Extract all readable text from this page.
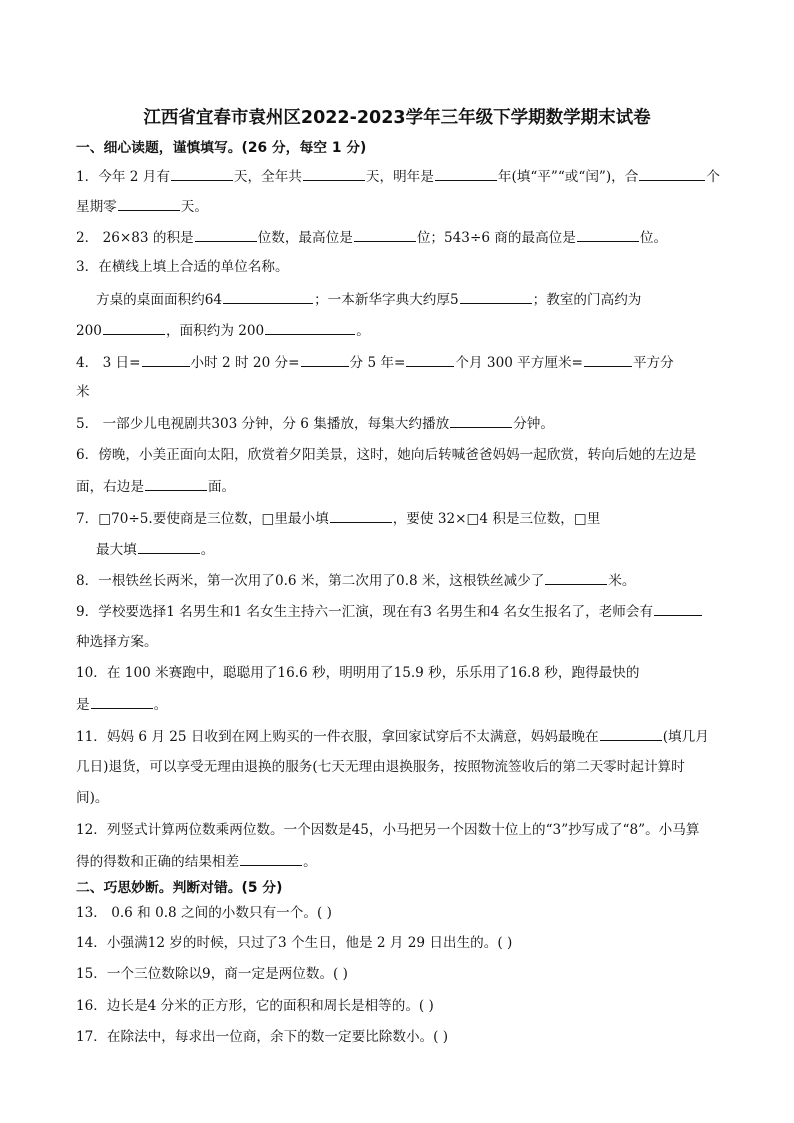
江西省宜春市袁州区2022-2023学年三年级下学期数学期末试卷
一、细心读题，谨慎填写。(26 分，每空 1 分)
1．今年 2 月有	天，全年共	天，明年是	年(填“平”“或“闰”)，合	个
星期零	天。
2． 26×83 的积是	位数，最高位是	位；543÷6 商的最高位是	位。
3．在横线上填上合适的单位名称。
方桌的桌面面积约64	；一本新华字典大约厚5	；教室的门高约为
200	，面积约为 200	。
4． 3 日=	小时 2 时 20 分=	分 5 年=	个月 300 平方厘米=	平方分
米
5． 一部少儿电视剧共303 分钟，分 6 集播放，每集大约播放	分钟。
6．傍晚，小美正面向太阳，欣赏着夕阳美景，这时，她向后转喊爸爸妈妈一起欣赏，转向后她的左边是
面，右边是	面。
7．□70÷5.要使商是三位数，□里最小填	，要使 32×□4 积是三位数，□里
最大填	。
8．一根铁丝长两米，第一次用了0.6 米，第二次用了0.8 米，这根铁丝减少了	米。
9．学校要选择1 名男生和1 名女生主持六一汇演，现在有3 名男生和4 名女生报名了，老师会有
种选择方案。
10．在 100 米赛跑中，聪聪用了16.6 秒，明明用了15.9 秒，乐乐用了16.8 秒，跑得最快的
是	。
11．妈妈 6 月 25 日收到在网上购买的一件衣服，拿回家试穿后不太满意，妈妈最晚在	(填几月
几日)退货，可以享受无理由退换的服务(七天无理由退换服务，按照物流签收后的第二天零时起计算时
间)。
12．列竖式计算两位数乘两位数。一个因数是45，小马把另一个因数十位上的“3”抄写成了“8”。小马算
得的得数和正确的结果相差	。
二、巧思妙断。判断对错。(5 分)
13． 0.6 和 0.8 之间的小数只有一个。( )
14．小强满12 岁的时候，只过了3 个生日，他是 2 月 29 日出生的。( )
15．一个三位数除以9，商一定是两位数。( )
16．边长是4 分米的正方形，它的面积和周长是相等的。( )
17．在除法中，每求出一位商，余下的数一定要比除数小。( )
